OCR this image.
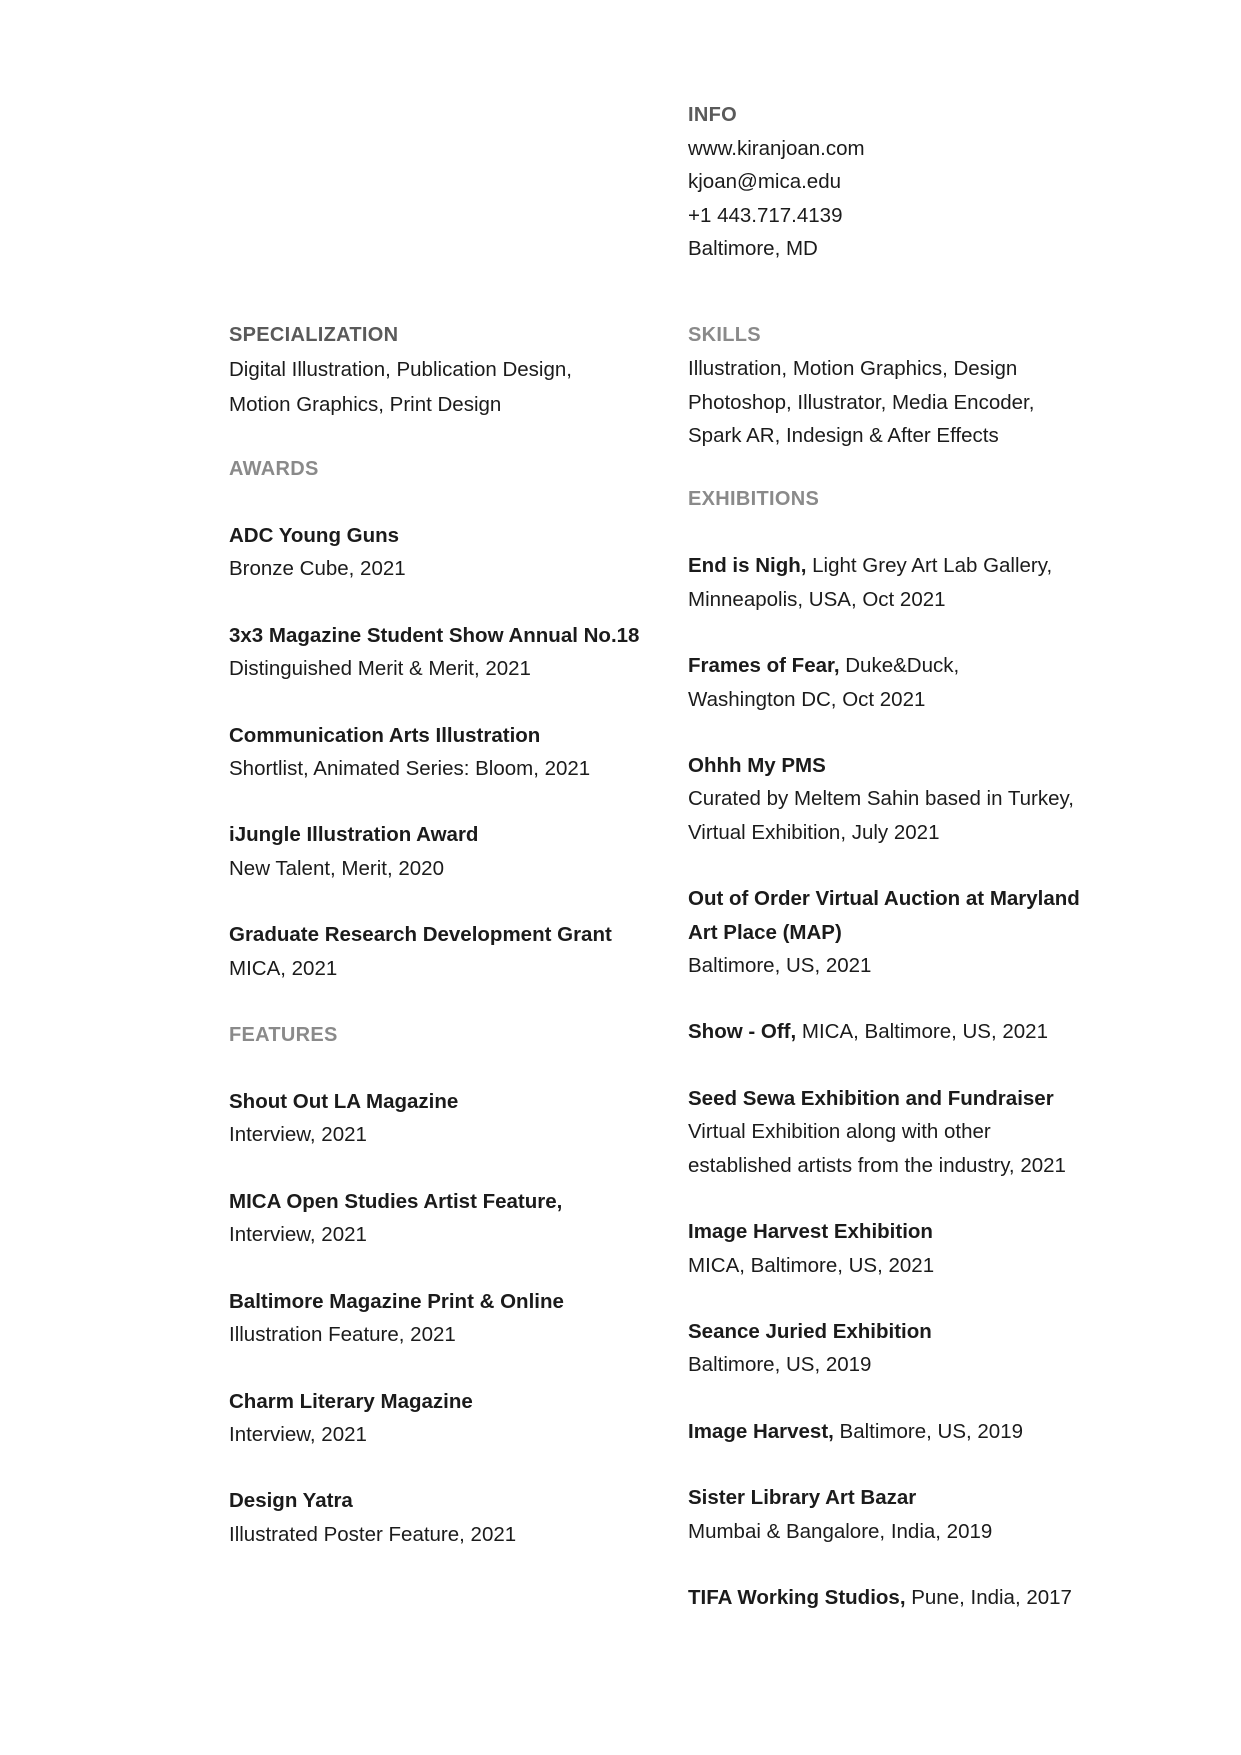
SPECIALIZATION
Digital Illustration, Publication Design,
Motion Graphics, Print Design
AWARDS
ADC Young Guns
Bronze Cube, 2021
3x3 Magazine Student Show Annual No.18
Distinguished Merit & Merit, 2021
Communication Arts Illustration
Shortlist, Animated Series: Bloom, 2021
iJungle Illustration Award
New Talent, Merit, 2020
Graduate Research Development Grant
MICA, 2021
FEATURES
Shout Out LA Magazine
Interview, 2021
MICA Open Studies Artist Feature,
Interview, 2021
Baltimore Magazine Print & Online
Illustration Feature, 2021
Charm Literary Magazine
Interview, 2021
Design Yatra
Illustrated Poster Feature, 2021
INFO
www.kiranjoan.com
kjoan@mica.edu
+1 443.717.4139
Baltimore, MD
SKILLS
Illustration, Motion Graphics, Design
Photoshop, Illustrator, Media Encoder,
Spark AR, Indesign & After Effects
EXHIBITIONS
End is Nigh, Light Grey Art Lab Gallery,
Minneapolis, USA, Oct 2021
Frames of Fear, Duke&Duck,
Washington DC, Oct 2021
Ohhh My PMS
Curated by Meltem Sahin based in Turkey,
Virtual Exhibition, July 2021
Out of Order Virtual Auction at Maryland
Art Place (MAP)
Baltimore, US, 2021
Show - Off, MICA, Baltimore, US, 2021
Seed Sewa Exhibition and Fundraiser
Virtual Exhibition along with other
established artists from the industry, 2021
Image Harvest Exhibition
MICA, Baltimore, US, 2021
Seance Juried Exhibition
Baltimore, US, 2019
Image Harvest, Baltimore, US, 2019
Sister Library Art Bazar
Mumbai & Bangalore, India, 2019
TIFA Working Studios, Pune, India, 2017
